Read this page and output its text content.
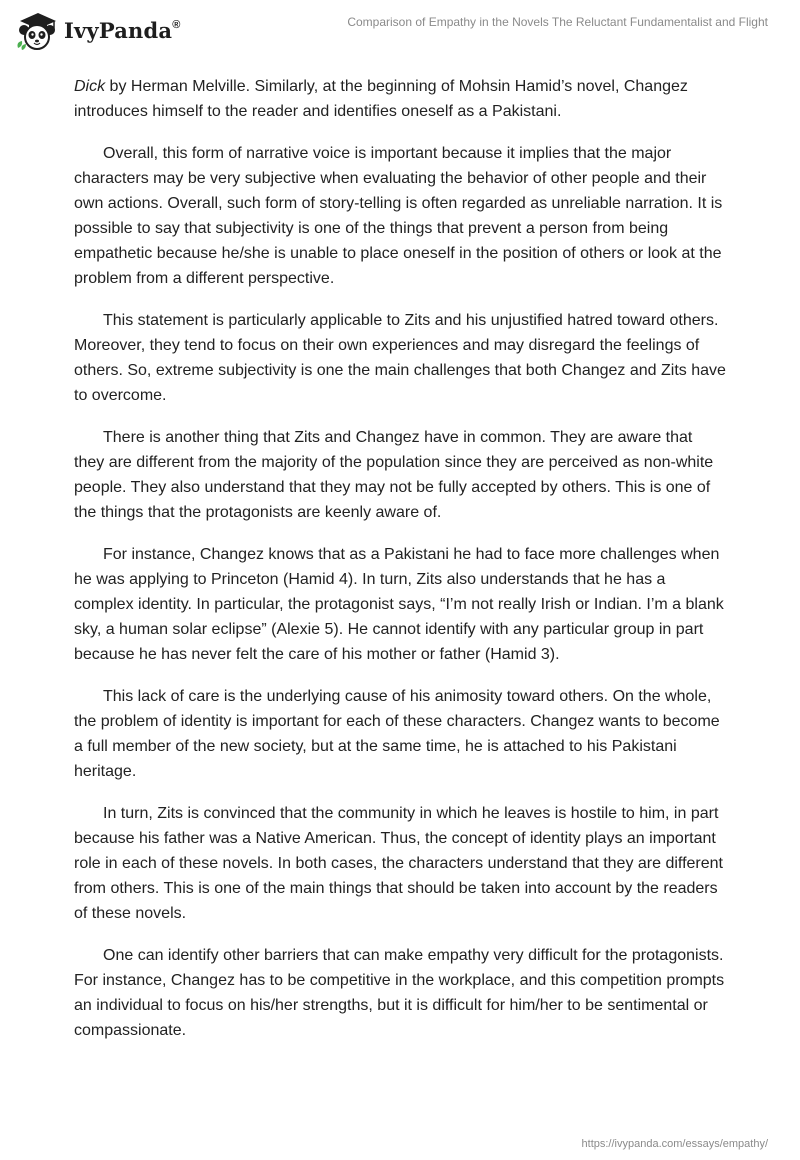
IvyPanda®	Comparison of Empathy in the Novels The Reluctant Fundamentalist and Flight

Dick by Herman Melville. Similarly, at the beginning of Mohsin Hamid’s novel, Changez introduces himself to the reader and identifies oneself as a Pakistani.

Overall, this form of narrative voice is important because it implies that the major characters may be very subjective when evaluating the behavior of other people and their own actions. Overall, such form of story-telling is often regarded as unreliable narration. It is possible to say that subjectivity is one of the things that prevent a person from being empathetic because he/she is unable to place oneself in the position of others or look at the problem from a different perspective.

This statement is particularly applicable to Zits and his unjustified hatred toward others. Moreover, they tend to focus on their own experiences and may disregard the feelings of others. So, extreme subjectivity is one the main challenges that both Changez and Zits have to overcome.

There is another thing that Zits and Changez have in common. They are aware that they are different from the majority of the population since they are perceived as non-white people. They also understand that they may not be fully accepted by others. This is one of the things that the protagonists are keenly aware of.

For instance, Changez knows that as a Pakistani he had to face more challenges when he was applying to Princeton (Hamid 4). In turn, Zits also understands that he has a complex identity. In particular, the protagonist says, “I’m not really Irish or Indian. I’m a blank sky, a human solar eclipse” (Alexie 5). He cannot identify with any particular group in part because he has never felt the care of his mother or father (Hamid 3).

This lack of care is the underlying cause of his animosity toward others. On the whole, the problem of identity is important for each of these characters. Changez wants to become a full member of the new society, but at the same time, he is attached to his Pakistani heritage.

In turn, Zits is convinced that the community in which he leaves is hostile to him, in part because his father was a Native American. Thus, the concept of identity plays an important role in each of these novels. In both cases, the characters understand that they are different from others. This is one of the main things that should be taken into account by the readers of these novels.

One can identify other barriers that can make empathy very difficult for the protagonists. For instance, Changez has to be competitive in the workplace, and this competition prompts an individual to focus on his/her strengths, but it is difficult for him/her to be sentimental or compassionate.

https://ivypanda.com/essays/empathy/
